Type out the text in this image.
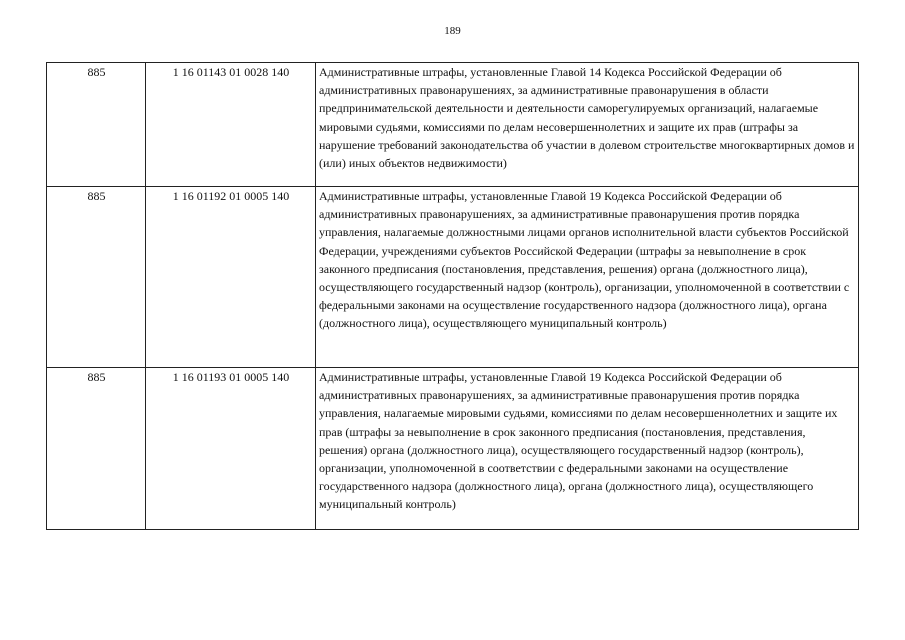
189
885	1 16 01143 01 0028 140	Административные штрафы, установленные Главой 14 Кодекса Российской Федерации об административных правонарушениях, за административные правонарушения в области предпринимательской деятельности и деятельности саморегулируемых организаций, налагаемые мировыми судьями, комиссиями по делам несовершеннолетних и защите их прав (штрафы за нарушение требований законодательства об участии в долевом строительстве многоквартирных домов и (или) иных объектов недвижимости)
885	1 16 01192 01 0005 140	Административные штрафы, установленные Главой 19 Кодекса Российской Федерации об административных правонарушениях, за административные правонарушения против порядка управления, налагаемые должностными лицами органов исполнительной власти субъектов Российской Федерации, учреждениями субъектов Российской Федерации (штрафы за невыполнение в срок законного предписания (постановления, представления, решения) органа (должностного лица), осуществляющего государственный надзор (контроль), организации, уполномоченной в соответствии с федеральными законами на осуществление государственного надзора (должностного лица), органа (должностного лица), осуществляющего муниципальный контроль)
885	1 16 01193 01 0005 140	Административные штрафы, установленные Главой 19 Кодекса Российской Федерации об административных правонарушениях, за административные правонарушения против порядка управления, налагаемые мировыми судьями, комиссиями по делам несовершеннолетних и защите их прав (штрафы за невыполнение в срок законного предписания (постановления, представления, решения) органа (должностного лица), осуществляющего государственный надзор (контроль), организации, уполномоченной в соответствии с федеральными законами на осуществление государственного надзора (должностного лица), органа (должностного лица), осуществляющего муниципальный контроль)
